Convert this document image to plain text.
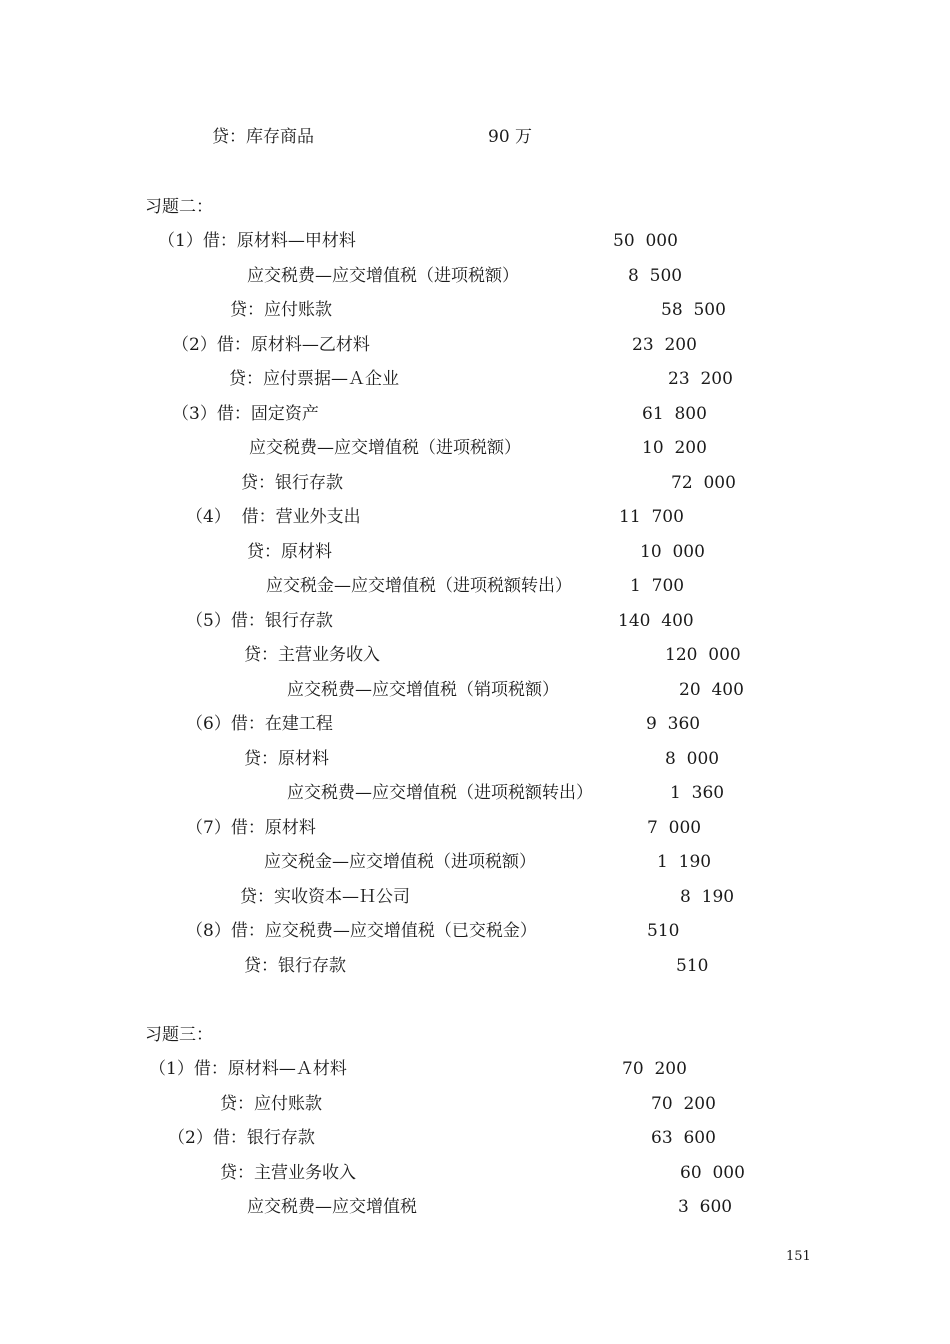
贷：库存商品	90 万
习题二：
（1）借：原材料—甲材料	50  000
应交税费—应交增值税（进项税额）	8  500
贷：应付账款	58  500
（2）借：原材料—乙材料	23  200
贷：应付票据—Ａ企业	23  200
（3）借：固定资产	61  800
应交税费—应交增值税（进项税额）	10  200
贷：银行存款	72  000
（4）  借：营业外支出	11  700
贷：原材料	10  000
应交税金—应交增值税（进项税额转出）	1  700
（5）借：银行存款	140  400
贷：主营业务收入	120  000
应交税费—应交增值税（销项税额）	20  400
（6）借：在建工程	9  360
贷：原材料	8  000
应交税费—应交增值税（进项税额转出）	1  360
（7）借：原材料	7  000
应交税金—应交增值税（进项税额）	1  190
贷：实收资本—Ｈ公司	8  190
（8）借：应交税费—应交增值税（已交税金）	510
贷：银行存款	510
习题三：
（1）借：原材料—Ａ材料	70  200
贷：应付账款	70  200
（2）借：银行存款	63  600
贷：主营业务收入	60  000
应交税费—应交增值税	3  600
151
